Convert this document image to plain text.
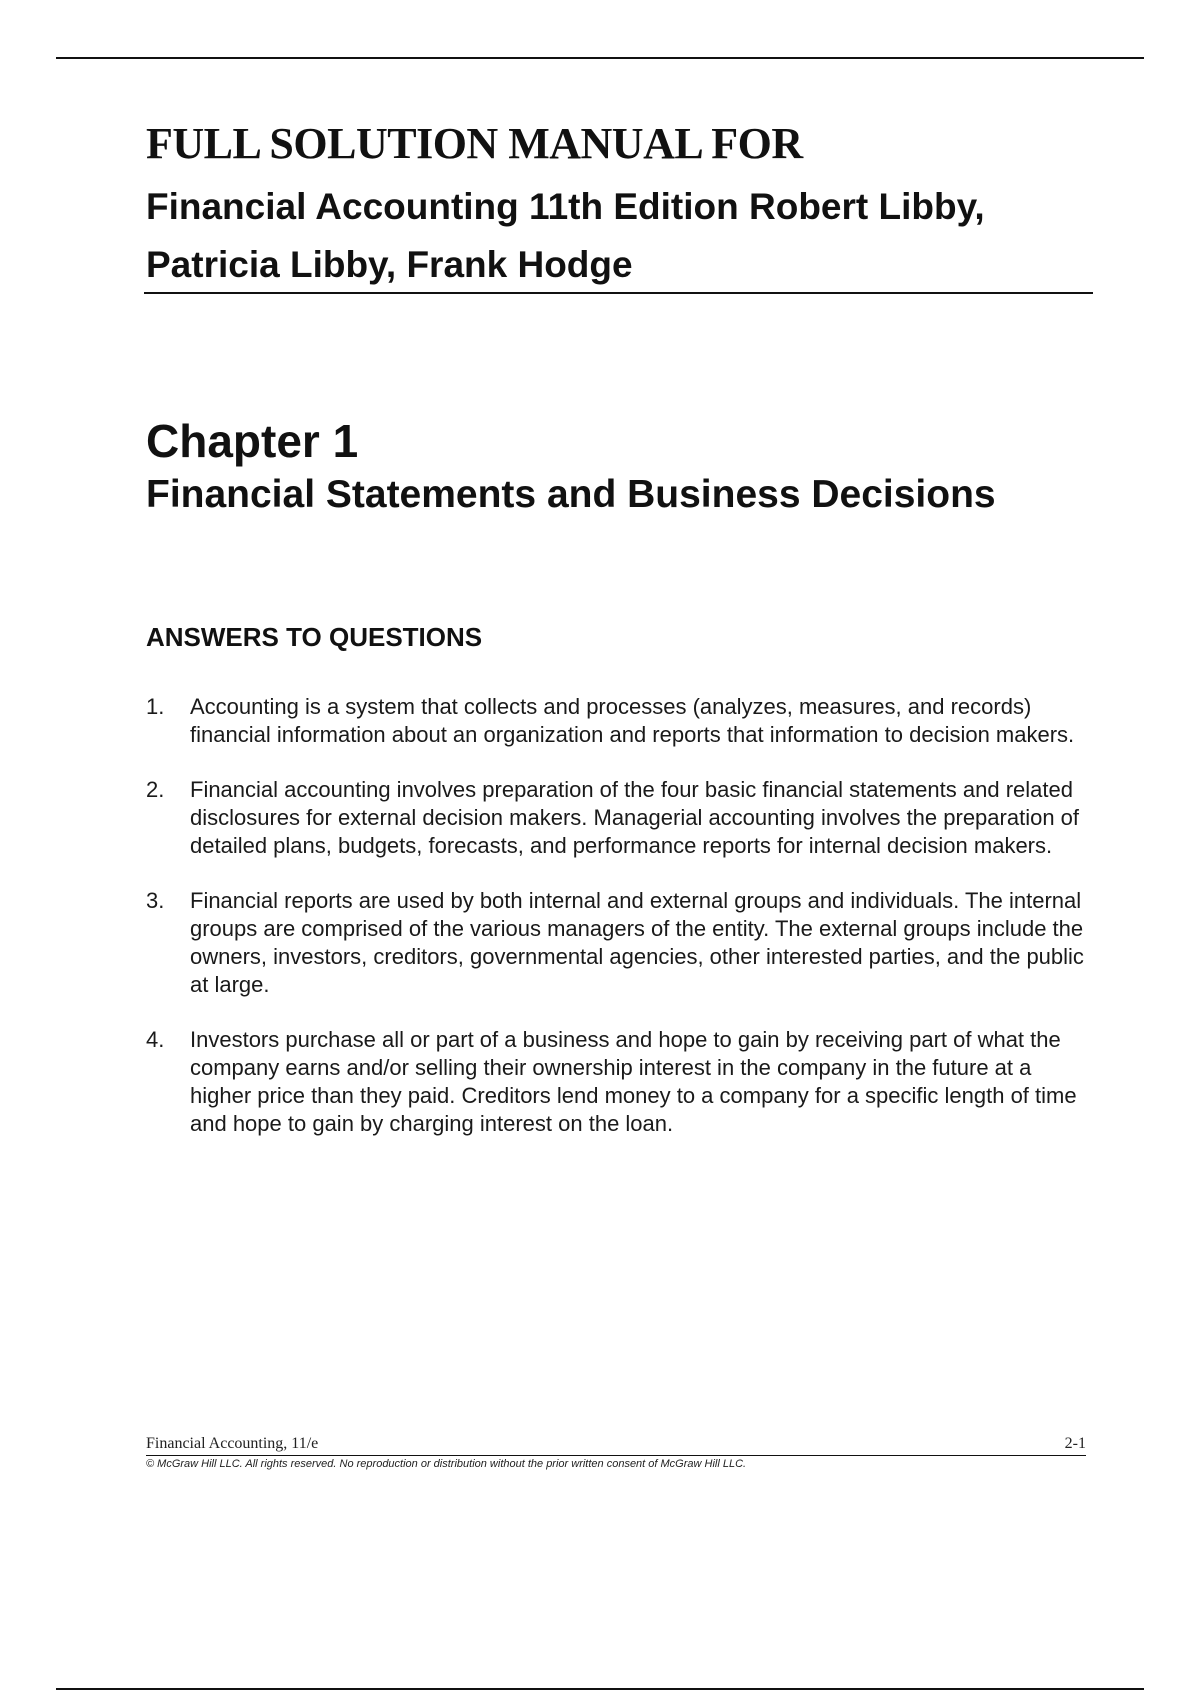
FULL SOLUTION MANUAL FOR
Financial Accounting 11th Edition Robert Libby,
Patricia Libby, Frank Hodge
Chapter 1
Financial Statements and Business Decisions
ANSWERS TO QUESTIONS
1. Accounting is a system that collects and processes (analyzes, measures, and records) financial information about an organization and reports that information to decision makers.
2. Financial accounting involves preparation of the four basic financial statements and related disclosures for external decision makers. Managerial accounting involves the preparation of detailed plans, budgets, forecasts, and performance reports for internal decision makers.
3. Financial reports are used by both internal and external groups and individuals. The internal groups are comprised of the various managers of the entity. The external groups include the owners, investors, creditors, governmental agencies, other interested parties, and the public at large.
4. Investors purchase all or part of a business and hope to gain by receiving part of what the company earns and/or selling their ownership interest in the company in the future at a higher price than they paid. Creditors lend money to a company for a specific length of time and hope to gain by charging interest on the loan.
Financial Accounting, 11/e	2-1
© McGraw Hill LLC. All rights reserved. No reproduction or distribution without the prior written consent of McGraw Hill LLC.
